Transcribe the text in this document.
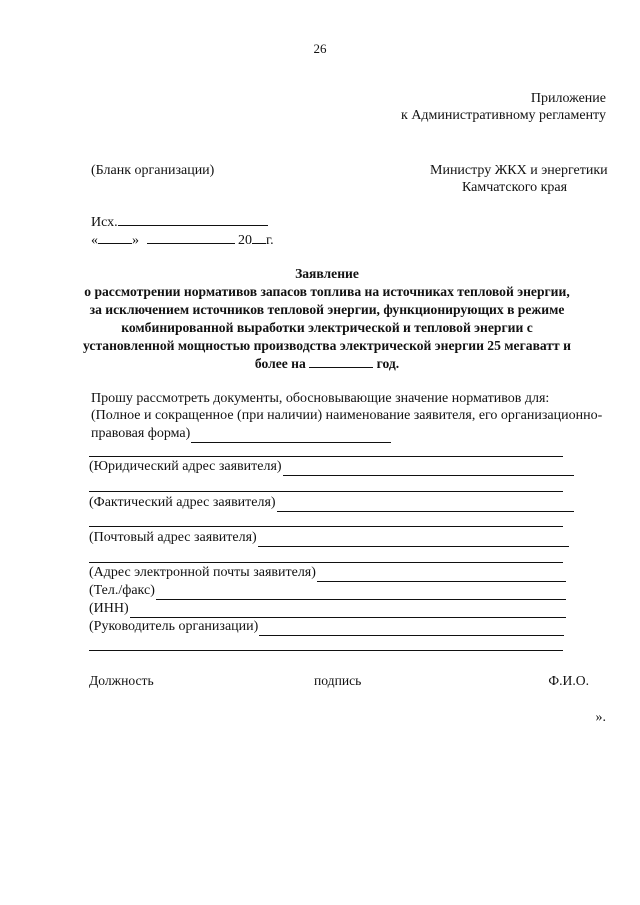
26
Приложение
к Административному регламенту
(Бланк организации)	Министру ЖКХ и энергетики
Камчатского края
Исх.
« »	20 г.
Заявление
о рассмотрении нормативов запасов топлива на источниках тепловой энергии,
за исключением источников тепловой энергии, функционирующих в режиме
комбинированной выработки электрической и тепловой энергии с
установленной мощностью производства электрической энергии 25 мегаватт и
более на	год.
Прошу рассмотреть документы, обосновывающие значение нормативов для:
(Полное и сокращенное (при наличии) наименование заявителя, его организационно-
правовая форма)
(Юридический адрес заявителя)
(Фактический адрес заявителя)
(Почтовый адрес заявителя)
(Адрес электронной почты заявителя)
(Тел./факс)
(ИНН)
(Руководитель организации)
Должность	подпись	Ф.И.О.
».
